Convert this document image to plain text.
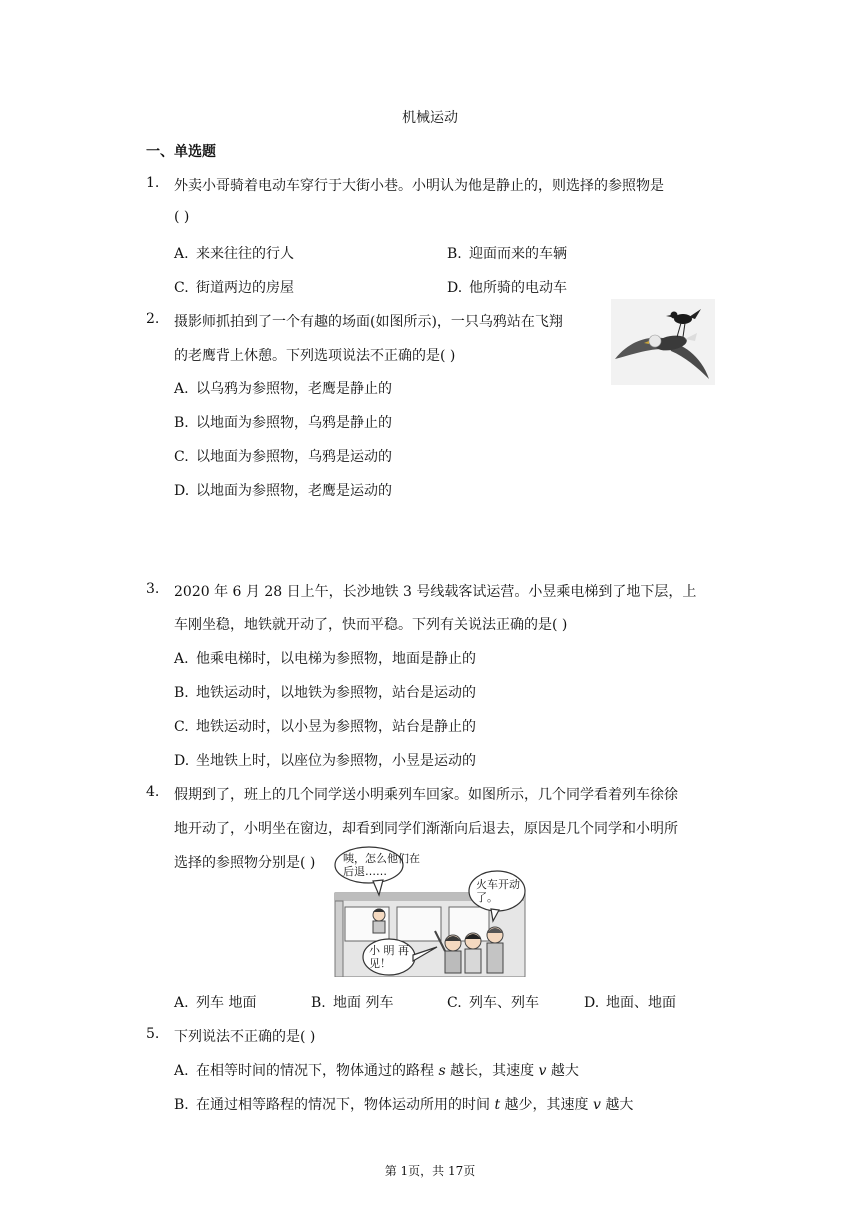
机械运动
一、单选题
1. 外卖小哥骑着电动车穿行于大街小巷。小明认为他是静止的，则选择的参照物是
( )
A. 来来往往的行人	B. 迎面而来的车辆
C. 街道两边的房屋	D. 他所骑的电动车
2. 摄影师抓拍到了一个有趣的场面(如图所示)，一只乌鸦站在飞翔
的老鹰背上休憩。下列选项说法不正确的是( )
A. 以乌鸦为参照物，老鹰是静止的
B. 以地面为参照物，乌鸦是静止的
C. 以地面为参照物，乌鸦是运动的
D. 以地面为参照物，老鹰是运动的
3. 2020 年 6 月 28 日上午，长沙地铁 3 号线载客试运营。小昱乘电梯到了地下层，上
车刚坐稳，地铁就开动了，快而平稳。下列有关说法正确的是( )
A. 他乘电梯时，以电梯为参照物，地面是静止的
B. 地铁运动时，以地铁为参照物，站台是运动的
C. 地铁运动时，以小昱为参照物，站台是静止的
D. 坐地铁上时，以座位为参照物，小昱是运动的
4. 假期到了，班上的几个同学送小明乘列车回家。如图所示，几个同学看着列车徐徐
地开动了，小明坐在窗边，却看到同学们渐渐向后退去，原因是几个同学和小明所
选择的参照物分别是( )	咦，怎么他们在
后退……
火车开动
了。
小 明 再
见！
A. 列车 地面	B. 地面 列车	C. 列车、列车	D. 地面、地面
5. 下列说法不正确的是( )
A. 在相等时间的情况下，物体通过的路程 s 越长，其速度 v 越大
B. 在通过相等路程的情况下，物体运动所用的时间 t 越少，其速度 v 越大
第 1页，共 17页
